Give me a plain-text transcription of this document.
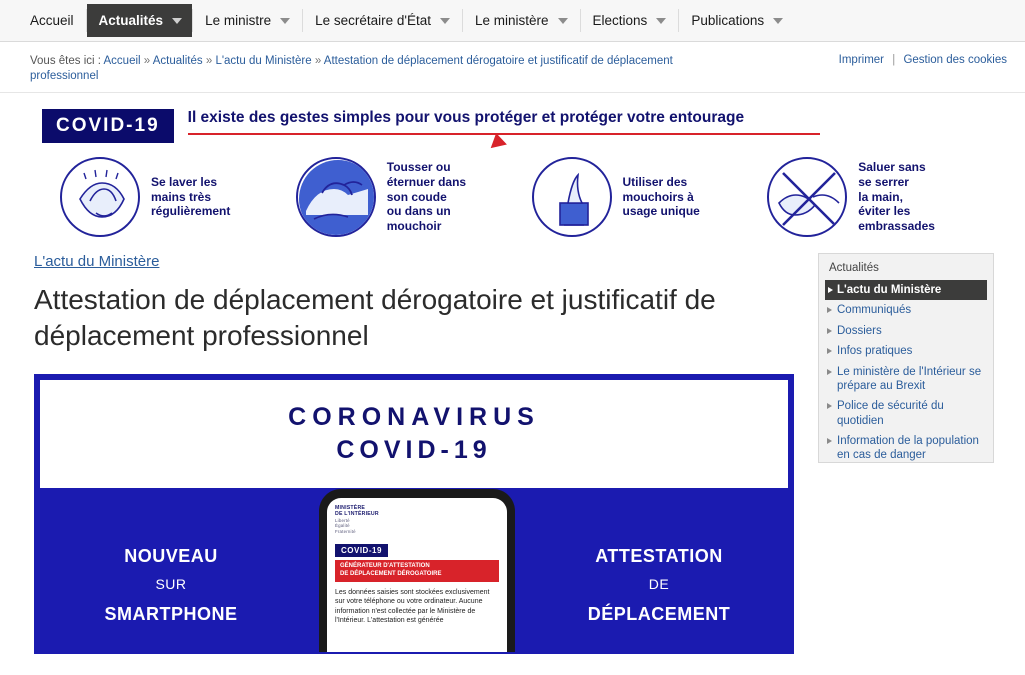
Accueil Actualités	Le ministre	Le secrétaire d'État	Le ministère	Elections	Publications
Vous êtes ici : Accueil » Actualités » L'actu du Ministère » Attestation de déplacement dérogatoire et justificatif de déplacement professionnel
Imprimer | Gestion des cookies
COVID-19	Il existe des gestes simples pour vous protéger et protéger votre entourage
Se laver les
mains très
régulièrement
Tousser ou
éternuer dans
son coude
ou dans un
mouchoir
Utiliser des
mouchoirs à
usage unique
Saluer sans
se serrer
la main,
éviter les
embrassades
L'actu du Ministère
Attestation de déplacement dérogatoire et justificatif de déplacement professionnel
CORONAVIRUS
COVID-19
NOUVEAU
SUR
SMARTPHONE
ATTESTATION
DE
DÉPLACEMENT
MINISTÈRE
DE L'INTÉRIEUR
Liberté
Égalité
Fraternité
COVID-19
GÉNÉRATEUR D'ATTESTATION
DE DÉPLACEMENT DÉROGATOIRE
Les données saisies sont stockées exclusivement sur votre téléphone ou votre ordinateur. Aucune information n'est collectée par le Ministère de l'Intérieur. L'attestation est générée
Actualités
L'actu du Ministère
Communiqués
Dossiers
Infos pratiques
Le ministère de l'Intérieur se prépare au Brexit
Police de sécurité du quotidien
Information de la population en cas de danger
